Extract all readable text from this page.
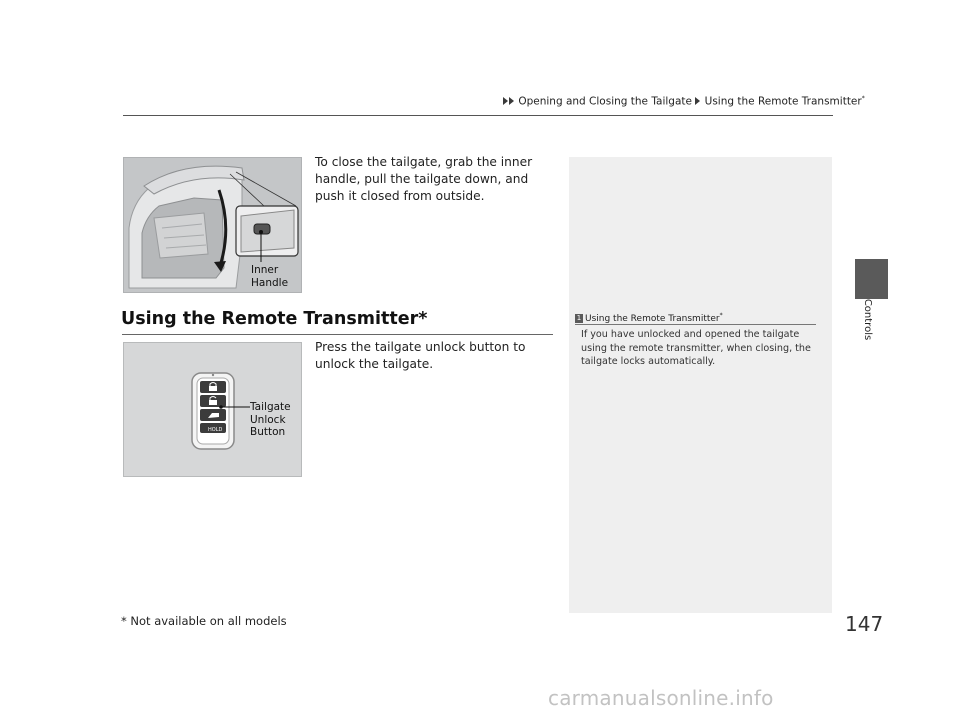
Opening and Closing the Tailgate Using the Remote Transmitter*
Controls
Inner
Handle
To close the tailgate, grab the inner handle, pull the tailgate down, and push it closed from outside.
Using the Remote Transmitter*
HOLD
Tailgate
Unlock
Button
Press the tailgate unlock button to unlock the tailgate.
1 Using the Remote Transmitter*
If you have unlocked and opened the tailgate using the remote transmitter, when closing, the tailgate locks automatically.
* Not available on all models	147
carmanualsonline.info
